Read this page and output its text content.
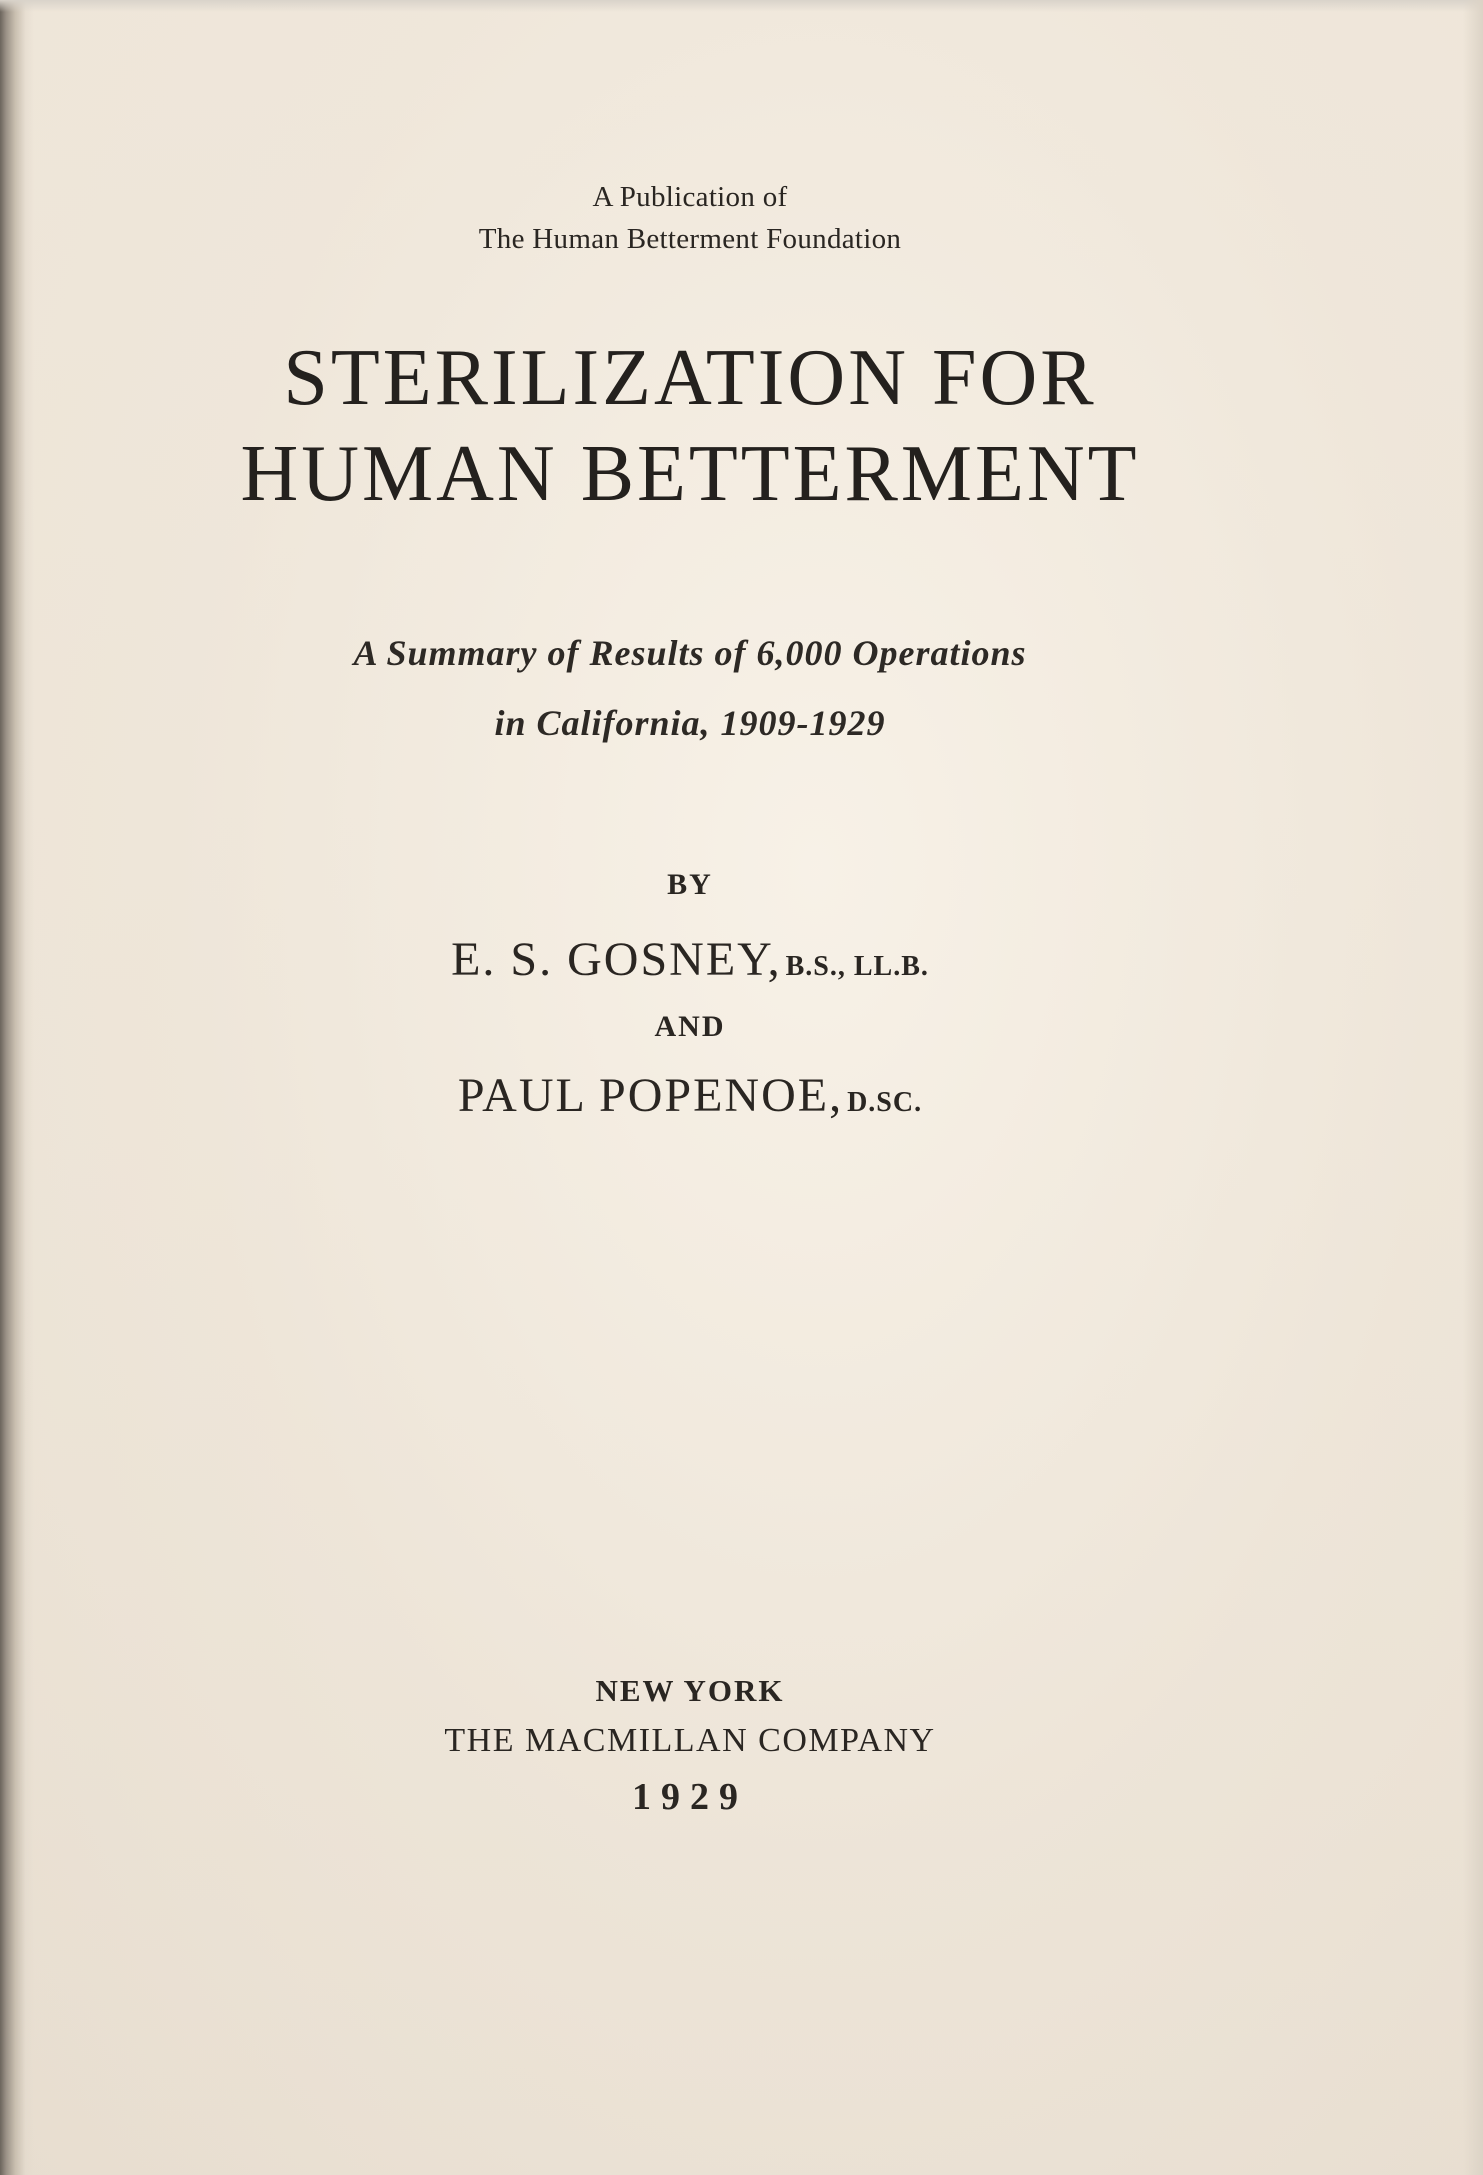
A Publication of
The Human Betterment Foundation
STERILIZATION FOR
HUMAN BETTERMENT
A Summary of Results of 6,000 Operations
in California, 1909-1929
BY
E. S. GOSNEY, B.S., LL.B.
AND
PAUL POPENOE, D.SC.
NEW YORK
THE MACMILLAN COMPANY
1929
